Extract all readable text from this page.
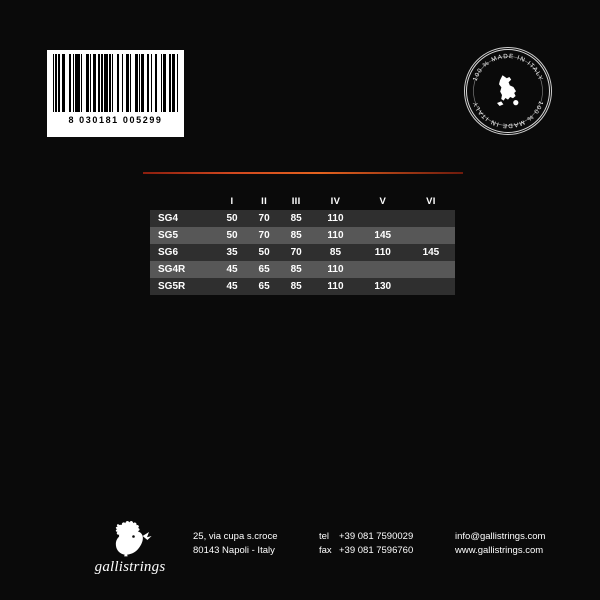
8 030181 005299
100 % MADE IN ITALY
100 % MADE IN ITALY
	I	II	III	IV	V	VI
SG4	50	70	85	110		
SG5	50	70	85	110	145	
SG6	35	50	70	85	110	145
SG4R	45	65	85	110		
SG5R	45	65	85	110	130	
gallistrings
25, via cupa s.croce
80143 Napoli - Italy
tel +39 081 7590029
fax +39 081 7596760
info@gallistrings.com
www.gallistrings.com
